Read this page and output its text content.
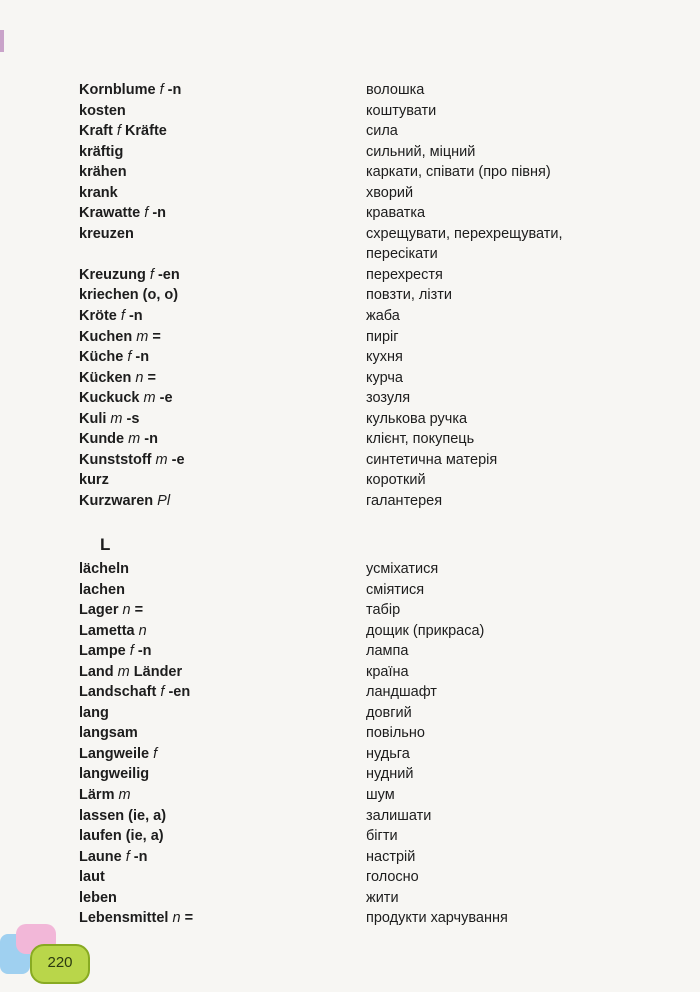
Kornblume f -n	волошка
kosten	коштувати
Kraft f Kräfte	сила
kräftig	сильний, міцний
krähen	каркати, співати (про півня)
krank	хворий
Krawatte f -n	краватка
kreuzen	схрещувати, перехрещувати,
пересікати
Kreuzung f -en	перехрестя
kriechen (o, o)	повзти, лізти
Kröte f -n	жаба
Kuchen m =	пиріг
Küche f -n	кухня
Kücken n =	курча
Kuckuck m -e	зозуля
Kuli m -s	кулькова ручка
Kunde m -n	клієнт, покупець
Kunststoff m -e	синтетична матерія
kurz	короткий
Kurzwaren Pl	галантерея
L
lächeln	усміхатися
lachen	сміятися
Lager n =	табір
Lametta n	дощик (прикраса)
Lampe f -n	лампа
Land m Länder	країна
Landschaft f -en	ландшафт
lang	довгий
langsam	повільно
Langweile f	нудьга
langweilig	нудний
Lärm m	шум
lassen (ie, a)	залишати
laufen (ie, a)	бігти
Laune f -n	настрій
laut	голосно
leben	жити
Lebensmittel n =	продукти харчування
220
